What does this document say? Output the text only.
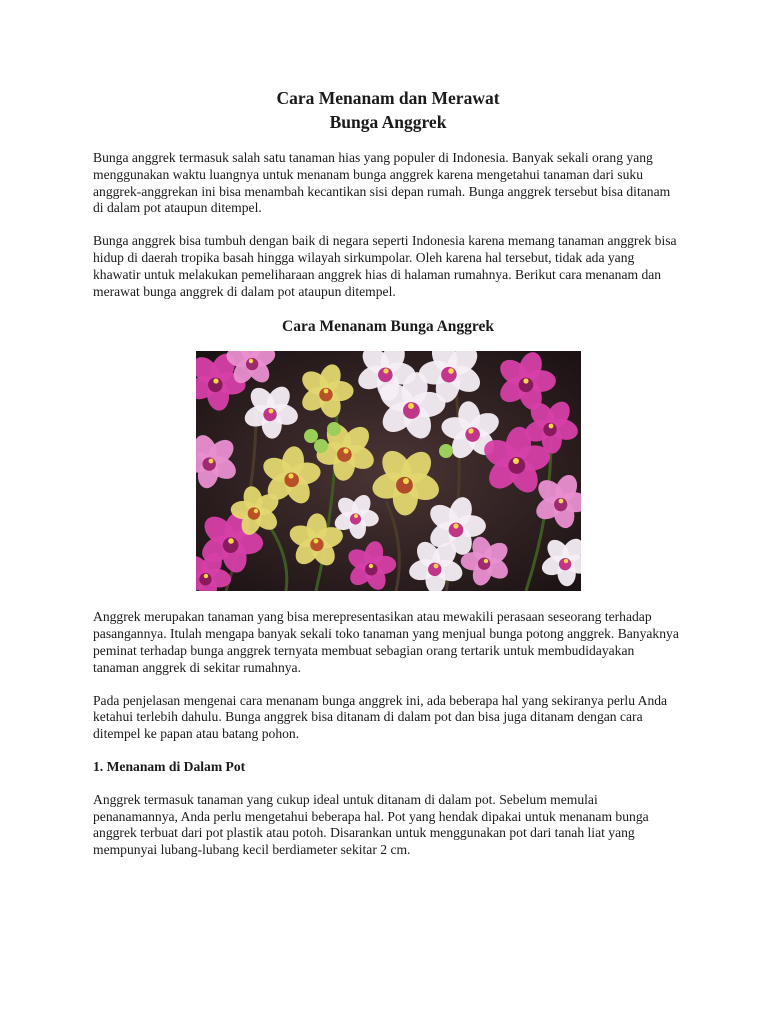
Cara Menanam dan Merawat

Bunga Anggrek

Bunga anggrek termasuk salah satu tanaman hias yang populer di Indonesia. Banyak sekali orang yang menggunakan waktu luangnya untuk menanam bunga anggrek karena mengetahui tanaman dari suku anggrek-anggrekan ini bisa menambah kecantikan sisi depan rumah. Bunga anggrek tersebut bisa ditanam di dalam pot ataupun ditempel.

Bunga anggrek bisa tumbuh dengan baik di negara seperti Indonesia karena memang tanaman anggrek bisa hidup di daerah tropika basah hingga wilayah sirkumpolar. Oleh karena hal tersebut, tidak ada yang khawatir untuk melakukan pemeliharaan anggrek hias di halaman rumahnya. Berikut cara menanam dan merawat bunga anggrek di dalam pot ataupun ditempel.

Cara Menanam Bunga Anggrek

Anggrek merupakan tanaman yang bisa merepresentasikan atau mewakili perasaan seseorang terhadap pasangannya. Itulah mengapa banyak sekali toko tanaman yang menjual bunga potong anggrek. Banyaknya peminat terhadap bunga anggrek ternyata membuat sebagian orang tertarik untuk membudidayakan tanaman anggrek di sekitar rumahnya.

Pada penjelasan mengenai cara menanam bunga anggrek ini, ada beberapa hal yang sekiranya perlu Anda ketahui terlebih dahulu. Bunga anggrek bisa ditanam di dalam pot dan bisa juga ditanam dengan cara ditempel ke papan atau batang pohon.

1. Menanam di Dalam Pot

Anggrek termasuk tanaman yang cukup ideal untuk ditanam di dalam pot. Sebelum memulai penanamannya, Anda perlu mengetahui beberapa hal. Pot yang hendak dipakai untuk menanam bunga anggrek terbuat dari pot plastik atau potoh. Disarankan untuk menggunakan pot dari tanah liat yang mempunyai lubang-lubang kecil berdiameter sekitar 2 cm.
